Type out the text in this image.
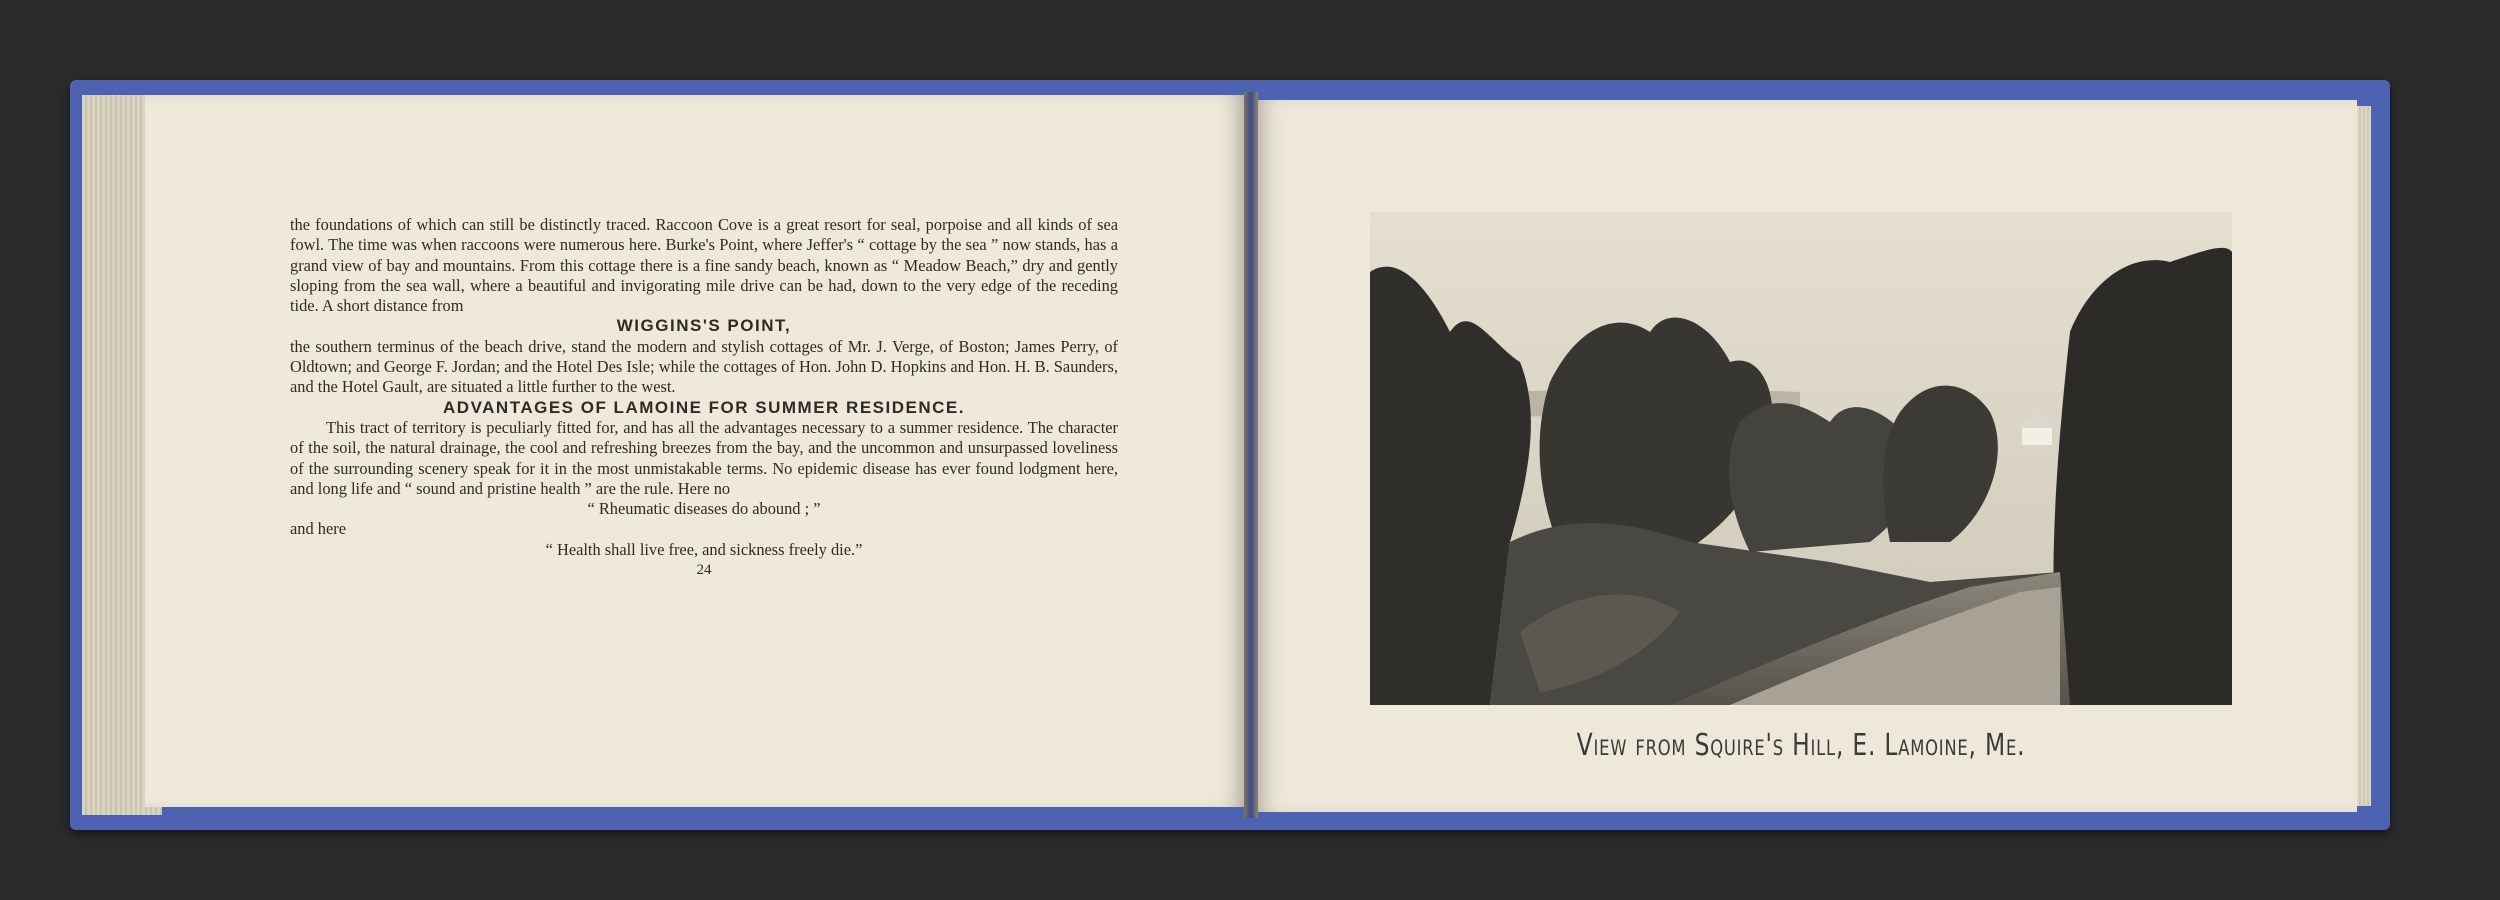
the foundations of which can still be distinctly traced. Raccoon Cove is a great resort for seal, porpoise and all kinds of sea fowl. The time was when raccoons were numerous here. Burke's Point, where Jeffer's “ cottage by the sea ” now stands, has a grand view of bay and mountains. From this cottage there is a fine sandy beach, known as “ Meadow Beach,” dry and gently sloping from the sea wall, where a beautiful and invigorating mile drive can be had, down to the very edge of the receding tide. A short distance from

WIGGINS'S POINT,

the southern terminus of the beach drive, stand the modern and stylish cottages of Mr. J. Verge, of Boston; James Perry, of Oldtown; and George F. Jordan; and the Hotel Des Isle; while the cottages of Hon. John D. Hopkins and Hon. H. B. Saunders, and the Hotel Gault, are situated a little further to the west.

ADVANTAGES OF LAMOINE FOR SUMMER RESIDENCE.

This tract of territory is peculiarly fitted for, and has all the advantages necessary to a summer residence. The character of the soil, the natural drainage, the cool and refreshing breezes from the bay, and the uncommon and unsurpassed loveliness of the surrounding scenery speak for it in the most unmistakable terms. No epidemic disease has ever found lodgment here, and long life and “ sound and pristine health ” are the rule. Here no

“ Rheumatic diseases do abound ; ”

and here

“ Health shall live free, and sickness freely die.”

24

View from Squire's Hill, E. Lamoine, Me.
